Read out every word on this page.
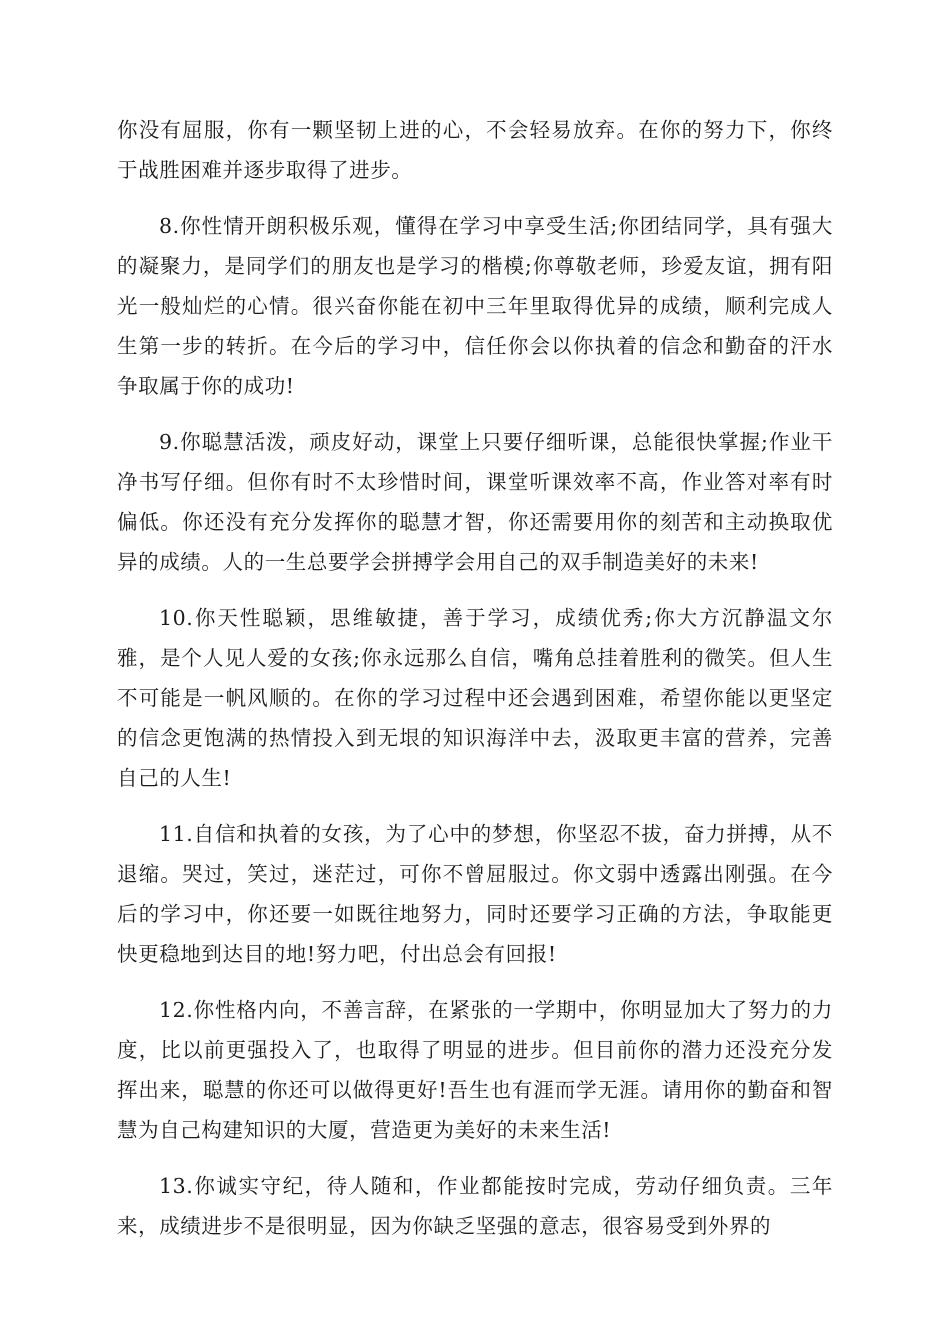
你没有屈服，你有一颗坚韧上进的心，不会轻易放弃。在你的努力下，你终于战胜困难并逐步取得了进步。

8.你性情开朗积极乐观，懂得在学习中享受生活;你团结同学，具有强大的凝聚力，是同学们的朋友也是学习的楷模;你尊敬老师，珍爱友谊，拥有阳光一般灿烂的心情。很兴奋你能在初中三年里取得优异的成绩，顺利完成人生第一步的转折。在今后的学习中，信任你会以你执着的信念和勤奋的汗水争取属于你的成功!

9.你聪慧活泼，顽皮好动，课堂上只要仔细听课，总能很快掌握;作业干净书写仔细。但你有时不太珍惜时间，课堂听课效率不高，作业答对率有时偏低。你还没有充分发挥你的聪慧才智，你还需要用你的刻苦和主动换取优异的成绩。人的一生总要学会拼搏学会用自己的双手制造美好的未来!

10.你天性聪颖，思维敏捷，善于学习，成绩优秀;你大方沉静温文尔雅，是个人见人爱的女孩;你永远那么自信，嘴角总挂着胜利的微笑。但人生不可能是一帆风顺的。在你的学习过程中还会遇到困难，希望你能以更坚定的信念更饱满的热情投入到无垠的知识海洋中去，汲取更丰富的营养，完善自己的人生!

11.自信和执着的女孩，为了心中的梦想，你坚忍不拔，奋力拼搏，从不退缩。哭过，笑过，迷茫过，可你不曾屈服过。你文弱中透露出刚强。在今后的学习中，你还要一如既往地努力，同时还要学习正确的方法，争取能更快更稳地到达目的地!努力吧，付出总会有回报!

12.你性格内向，不善言辞，在紧张的一学期中，你明显加大了努力的力度，比以前更强投入了，也取得了明显的进步。但目前你的潜力还没充分发挥出来，聪慧的你还可以做得更好!吾生也有涯而学无涯。请用你的勤奋和智慧为自己构建知识的大厦，营造更为美好的未来生活!

13.你诚实守纪，待人随和，作业都能按时完成，劳动仔细负责。三年来，成绩进步不是很明显，因为你缺乏坚强的意志，很容易受到外界的
